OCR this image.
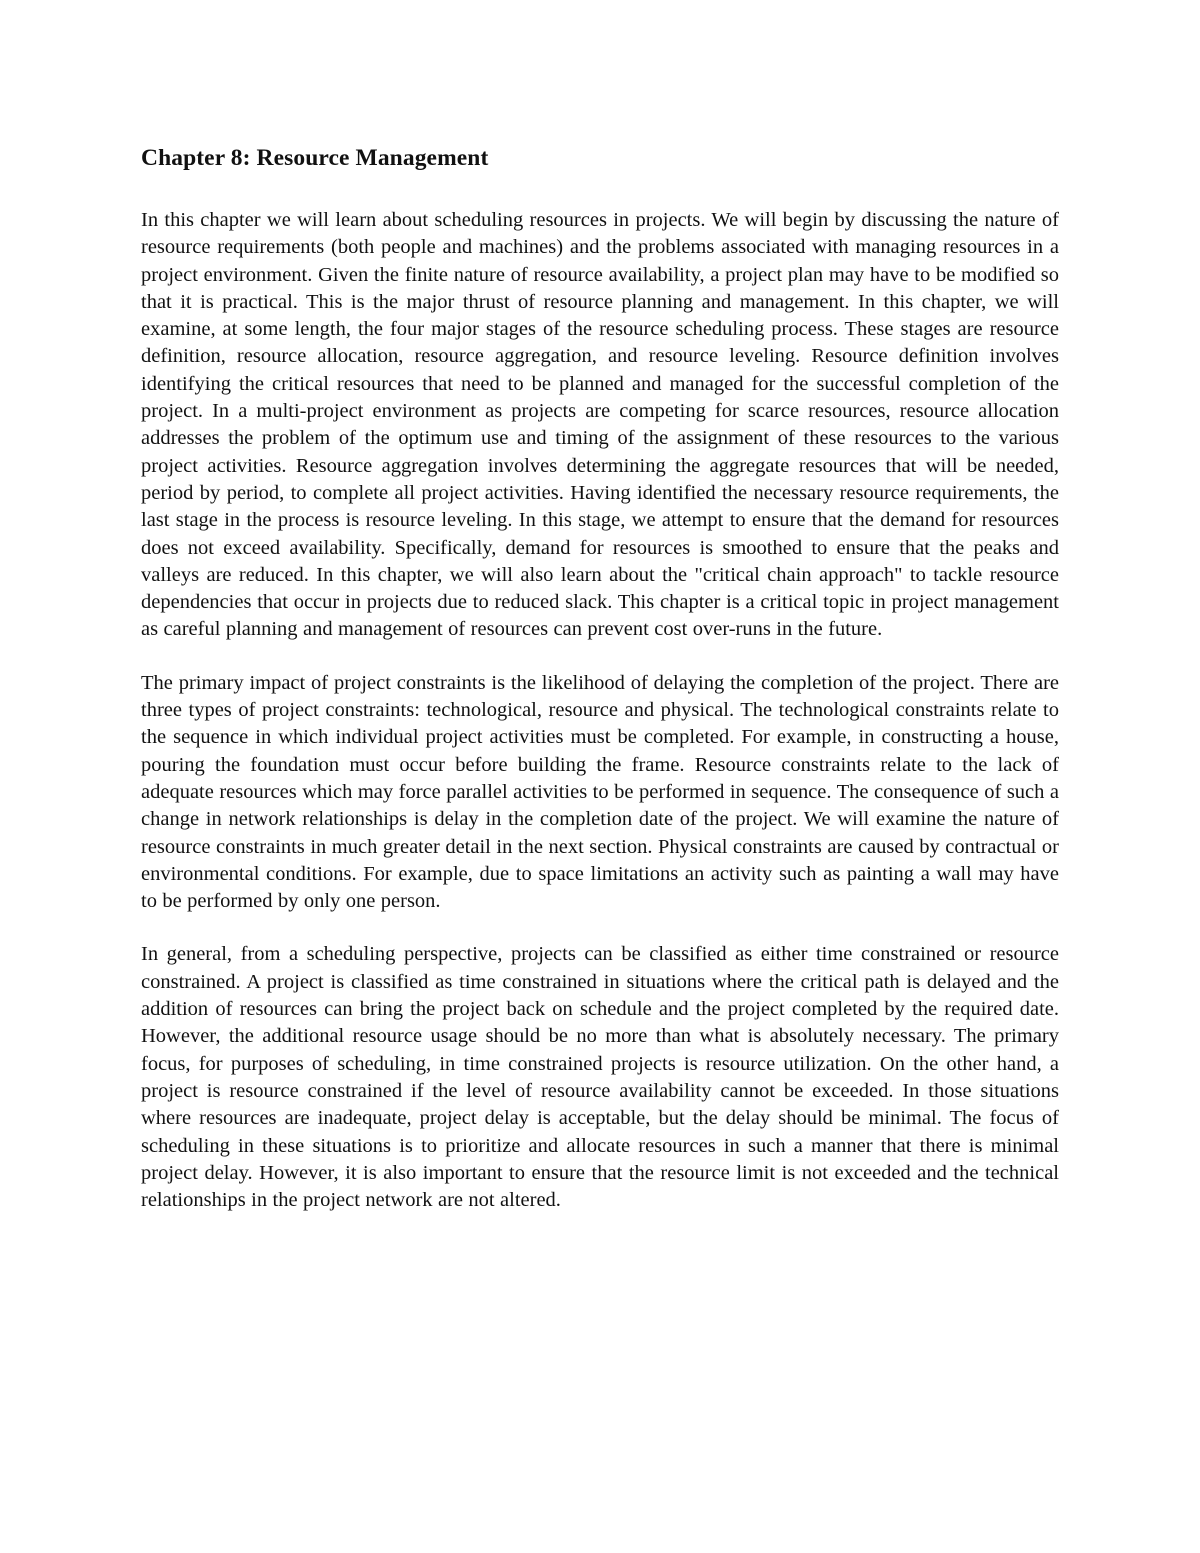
Chapter 8: Resource Management

In this chapter we will learn about scheduling resources in projects. We will begin by discussing the nature of resource requirements (both people and machines) and the problems associated with managing resources in a project environment. Given the finite nature of resource availability, a project plan may have to be modified so that it is practical. This is the major thrust of resource planning and management. In this chapter, we will examine, at some length, the four major stages of the resource scheduling process. These stages are resource definition, resource allocation, resource aggregation, and resource leveling. Resource definition involves identifying the critical resources that need to be planned and managed for the successful completion of the project. In a multi-project environment as projects are competing for scarce resources, resource allocation addresses the problem of the optimum use and timing of the assignment of these resources to the various project activities. Resource aggregation involves determining the aggregate resources that will be needed, period by period, to complete all project activities. Having identified the necessary resource requirements, the last stage in the process is resource leveling. In this stage, we attempt to ensure that the demand for resources does not exceed availability. Specifically, demand for resources is smoothed to ensure that the peaks and valleys are reduced. In this chapter, we will also learn about the "critical chain approach" to tackle resource dependencies that occur in projects due to reduced slack. This chapter is a critical topic in project management as careful planning and management of resources can prevent cost over-runs in the future.

The primary impact of project constraints is the likelihood of delaying the completion of the project. There are three types of project constraints: technological, resource and physical. The technological constraints relate to the sequence in which individual project activities must be completed. For example, in constructing a house, pouring the foundation must occur before building the frame. Resource constraints relate to the lack of adequate resources which may force parallel activities to be performed in sequence. The consequence of such a change in network relationships is delay in the completion date of the project. We will examine the nature of resource constraints in much greater detail in the next section. Physical constraints are caused by contractual or environmental conditions. For example, due to space limitations an activity such as painting a wall may have to be performed by only one person.

In general, from a scheduling perspective, projects can be classified as either time constrained or resource constrained. A project is classified as time constrained in situations where the critical path is delayed and the addition of resources can bring the project back on schedule and the project completed by the required date. However, the additional resource usage should be no more than what is absolutely necessary. The primary focus, for purposes of scheduling, in time constrained projects is resource utilization. On the other hand, a project is resource constrained if the level of resource availability cannot be exceeded. In those situations where resources are inadequate, project delay is acceptable, but the delay should be minimal. The focus of scheduling in these situations is to prioritize and allocate resources in such a manner that there is minimal project delay. However, it is also important to ensure that the resource limit is not exceeded and the technical relationships in the project network are not altered.
